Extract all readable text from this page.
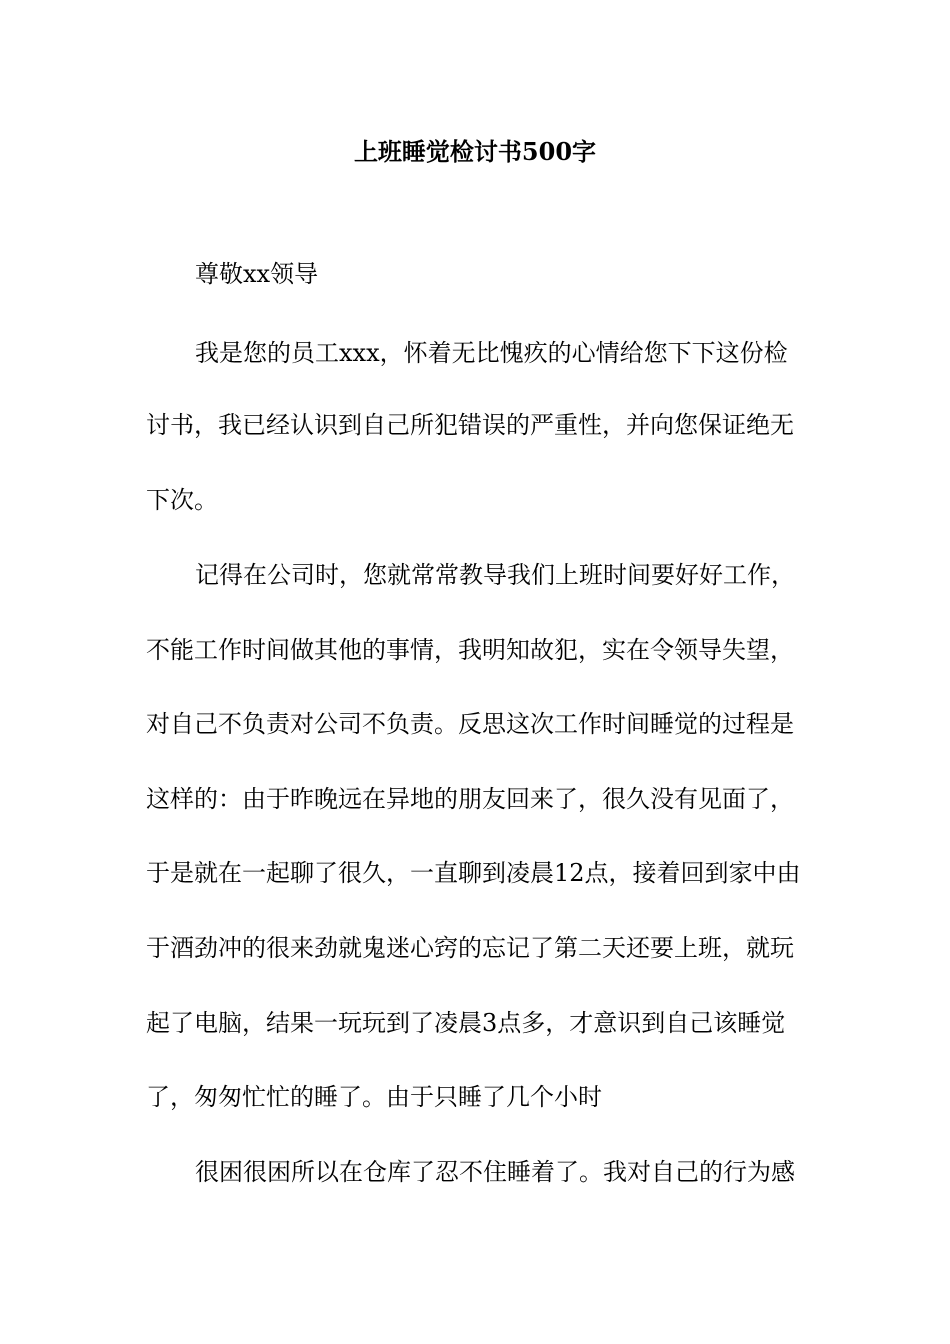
上班睡觉检讨书500字

尊敬xx领导

我是您的员工xxx，怀着无比愧疚的心情给您下下这份检

讨书，我已经认识到自己所犯错误的严重性，并向您保证绝无

下次。

记得在公司时，您就常常教导我们上班时间要好好工作，

不能工作时间做其他的事情，我明知故犯，实在令领导失望，

对自己不负责对公司不负责。反思这次工作时间睡觉的过程是

这样的：由于昨晚远在异地的朋友回来了，很久没有见面了，

于是就在一起聊了很久，一直聊到凌晨12点，接着回到家中由

于酒劲冲的很来劲就鬼迷心窍的忘记了第二天还要上班，就玩

起了电脑，结果一玩玩到了凌晨3点多，才意识到自己该睡觉

了，匆匆忙忙的睡了。由于只睡了几个小时

很困很困所以在仓库了忍不住睡着了。我对自己的行为感
